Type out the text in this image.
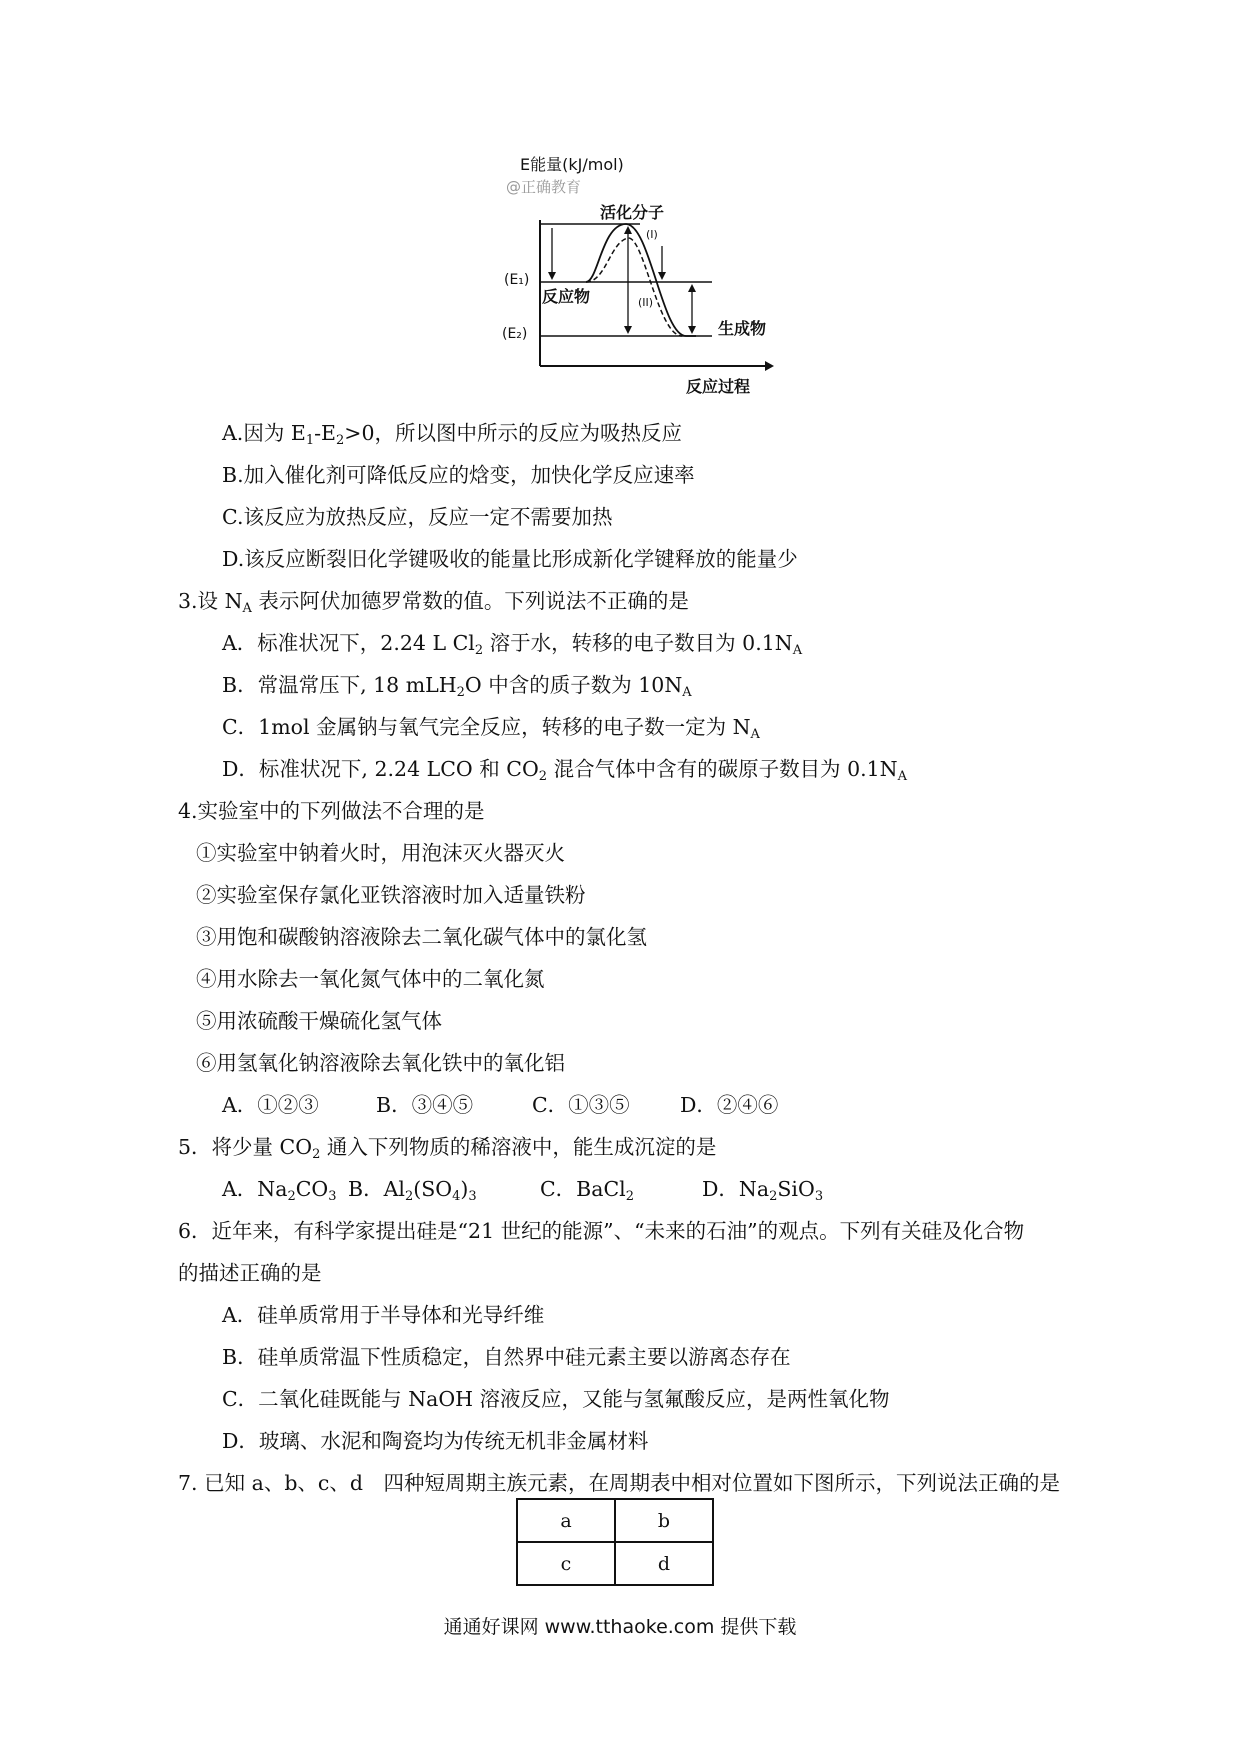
E能量(kJ/mol)
@正确教育
活化分子
(I)
(II)
(E₁)
(E₂)
反应物
生成物
反应过程
A.因为 $E_1-E_2>0$，所以图中所示的反应为吸热反应
B.加入催化剂可降低反应的焓变，加快化学反应速率
C.该反应为放热反应，反应一定不需要加热
D.该反应断裂旧化学键吸收的能量比形成新化学键释放的能量少
3.设 $N_A$ 表示阿伏加德罗常数的值。下列说法不正确的是
A．标准状况下，2.24 L $Cl_2$ 溶于水，转移的电子数目为 $0.1N_A$
B．常温常压下, 18 mLH$_2$O 中含的质子数为 $10N_A$
C．1mol 金属钠与氧气完全反应，转移的电子数一定为 $N_A$
D．标准状况下, 2.24 LCO 和 $CO_2$ 混合气体中含有的碳原子数目为 $0.1N_A$
4.实验室中的下列做法不合理的是
①实验室中钠着火时，用泡沫灭火器灭火
②实验室保存氯化亚铁溶液时加入适量铁粉
③用饱和碳酸钠溶液除去二氧化碳气体中的氯化氢
④用水除去一氧化氮气体中的二氧化氮
⑤用浓硫酸干燥硫化氢气体
⑥用氢氧化钠溶液除去氧化铁中的氧化铝
A．①②③	B．③④⑤	C．①③⑤ D．②④⑥
5．将少量 $CO_2$ 通入下列物质的稀溶液中，能生成沉淀的是
A．$Na_2CO_3$ B．$Al_2(SO_4)_3$	C．BaCl$_2$	D．$Na_2SiO_3$
6．近年来，有科学家提出硅是“21 世纪的能源”、“未来的石油”的观点。下列有关硅及化合物
的描述正确的是
A．硅单质常用于半导体和光导纤维
B．硅单质常温下性质稳定，自然界中硅元素主要以游离态存在
C．二氧化硅既能与 NaOH 溶液反应，又能与氢氟酸反应，是两性氧化物
D．玻璃、水泥和陶瓷均为传统无机非金属材料
7. 已知 a、b、c、d　四种短周期主族元素，在周期表中相对位置如下图所示，下列说法正确的是
a	b
c	d
通通好课网 www.tthaoke.com 提供下载
